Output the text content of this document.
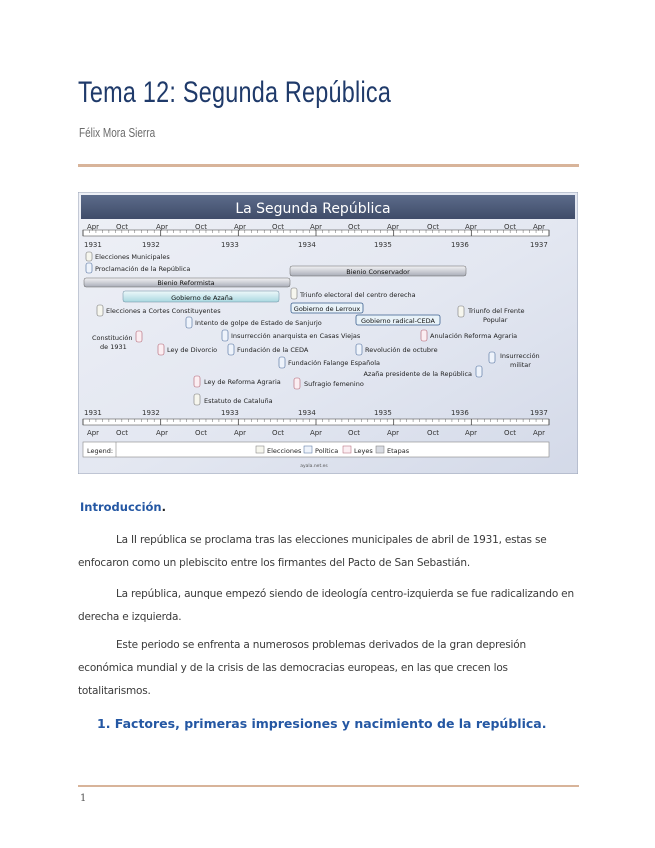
Tema 12: Segunda República
Félix Mora Sierra
La Segunda República
Apr Oct	Apr	Oct	Apr	Oct	Apr	Oct	Apr	Oct	Apr	Oct Apr
1931	1932	1933	1934	1935	1936	1937
Bienio Conservador
Bienio Reformista
Gobierno de Azaña
Gobierno de Lerroux
Gobierno radical-CEDA
Elecciones Municipales
Proclamación de la República
Triunfo electoral del centro derecha
Elecciones a Cortes Constituyentes	Triunfo del Frente Popular
Intento de golpe de Estado de Sanjurjo
Constitución de 1931
Insurrección anarquista en Casas Viejas	Anulación Reforma Agraria
Ley de Divorcio	Fundación de la CEDA	Revolución de octubre
Insurrección militar
Fundación Falange Española
Azaña presidente de la República
Ley de Reforma Agraria	Sufragio femenino
Estatuto de Cataluña
1931	1932	1933	1934	1935	1936	1937
Apr Oct	Apr	Oct	Apr	Oct	Apr	Oct	Apr	Oct	Apr	Oct Apr
Legend:	Elecciones Política Leyes Etapas
ayala.net.es
Introducción.
La II república se proclama tras las elecciones municipales de abril de 1931, estas se enfocaron como un plebiscito entre los firmantes del Pacto de San Sebastián.
La república, aunque empezó siendo de ideología centro-izquierda se fue radicalizando en derecha e izquierda.
Este periodo se enfrenta a numerosos problemas derivados de la gran depresión económica mundial y de la crisis de las democracias europeas, en las que crecen los totalitarismos.
1. Factores, primeras impresiones y nacimiento de la república.
1
